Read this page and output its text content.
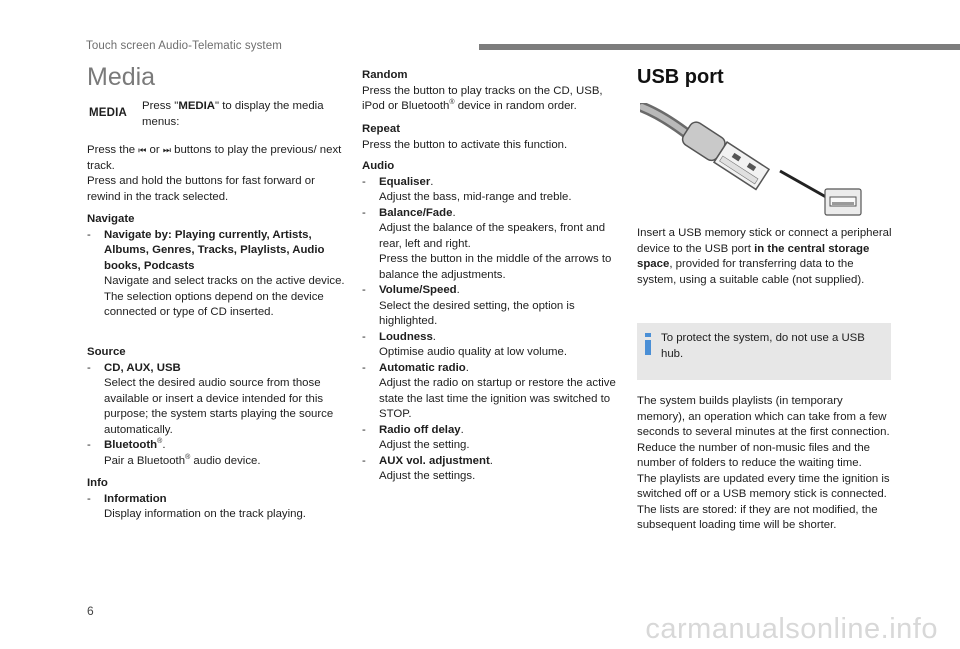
Touch screen Audio-Telematic system
Media
MEDIA
Press "MEDIA" to display the media menus:
Press the ⏮ or ⏭ buttons to play the previous/ next track.
Press and hold the buttons for fast forward or rewind in the track selected.
Navigate
-	Navigate by: Playing currently, Artists, Albums, Genres, Tracks, Playlists, Audio books, Podcasts
Navigate and select tracks on the active device.
The selection options depend on the device connected or type of CD inserted.
Source
-	CD, AUX, USB
Select the desired audio source from those available or insert a device intended for this purpose; the system starts playing the source automatically.
-	Bluetooth®.
Pair a Bluetooth® audio device.
Info
-	Information
Display information on the track playing.
Random
Press the button to play tracks on the CD, USB, iPod or Bluetooth® device in random order.
Repeat
Press the button to activate this function.
Audio
-	Equaliser.
Adjust the bass, mid-range and treble.
-	Balance/Fade.
Adjust the balance of the speakers, front and rear, left and right.
Press the button in the middle of the arrows to balance the adjustments.
-	Volume/Speed.
Select the desired setting, the option is highlighted.
-	Loudness.
Optimise audio quality at low volume.
-	Automatic radio.
Adjust the radio on startup or restore the active state the last time the ignition was switched to STOP.
-	Radio off delay.
Adjust the setting.
-	AUX vol. adjustment.
Adjust the settings.
USB port
Insert a USB memory stick or connect a peripheral device to the USB port in the central storage space, provided for transferring data to the system, using a suitable cable (not supplied).
To protect the system, do not use a USB hub.
The system builds playlists (in temporary memory), an operation which can take from a few seconds to several minutes at the first connection.
Reduce the number of non-music files and the number of folders to reduce the waiting time.
The playlists are updated every time the ignition is switched off or a USB memory stick is connected. The lists are stored: if they are not modified, the subsequent loading time will be shorter.
6
carmanualsonline.info
